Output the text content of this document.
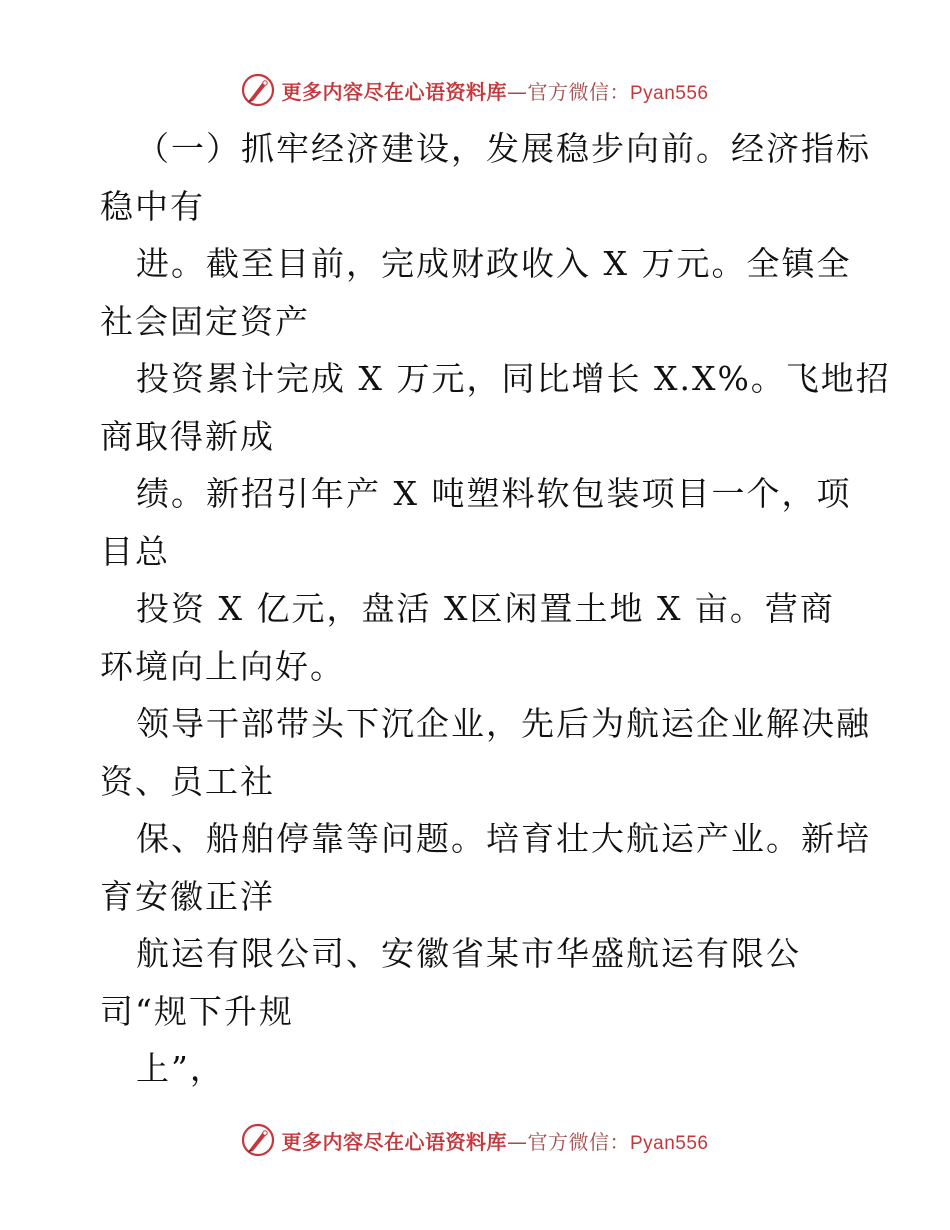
更多内容尽在心语资料库 — 官方微信： Pyan556
（一）抓牢经济建设，发展稳步向前。经济指标
稳中有
进。截至目前，完成财政收入 X 万元。全镇全
社会固定资产
投资累计完成 X 万元，同比增长 X.X%。飞地招
商取得新成
绩。新招引年产 X 吨塑料软包装项目一个，项
目总
投资 X 亿元，盘活 X区闲置土地 X 亩。营商
环境向上向好。
领导干部带头下沉企业，先后为航运企业解决融
资、员工社
保、船舶停靠等问题。培育壮大航运产业。新培
育安徽正洋
航运有限公司、安徽省某市华盛航运有限公
司“规下升规
上”，
更多内容尽在心语资料库 — 官方微信： Pyan556
